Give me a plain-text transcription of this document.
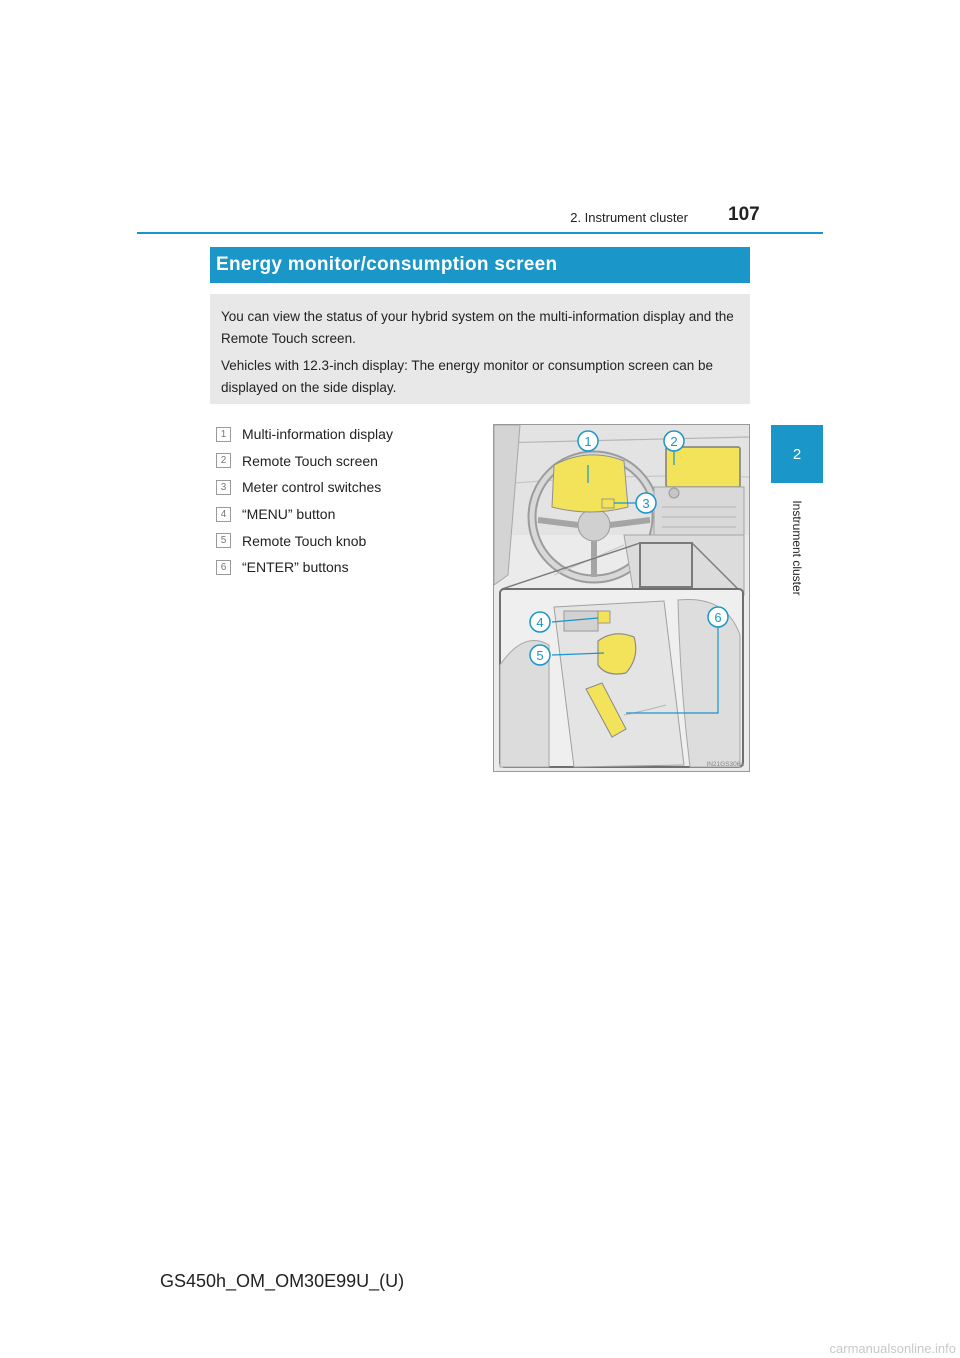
2. Instrument cluster 107
2
Instrument cluster
Energy monitor/consumption screen

You can view the status of your hybrid system on the multi-information display and the Remote Touch screen.

Vehicles with 12.3-inch display: The energy monitor or consumption screen can be displayed on the side display.

1	Multi-information display
2	Remote Touch screen
3	Meter control switches
4	“MENU” button
5	Remote Touch knob
6	“ENTER” buttons
1	2
3
4
5
6
IN21GS306a
GS450h_OM_OM30E99U_(U)
carmanualsonline.info
